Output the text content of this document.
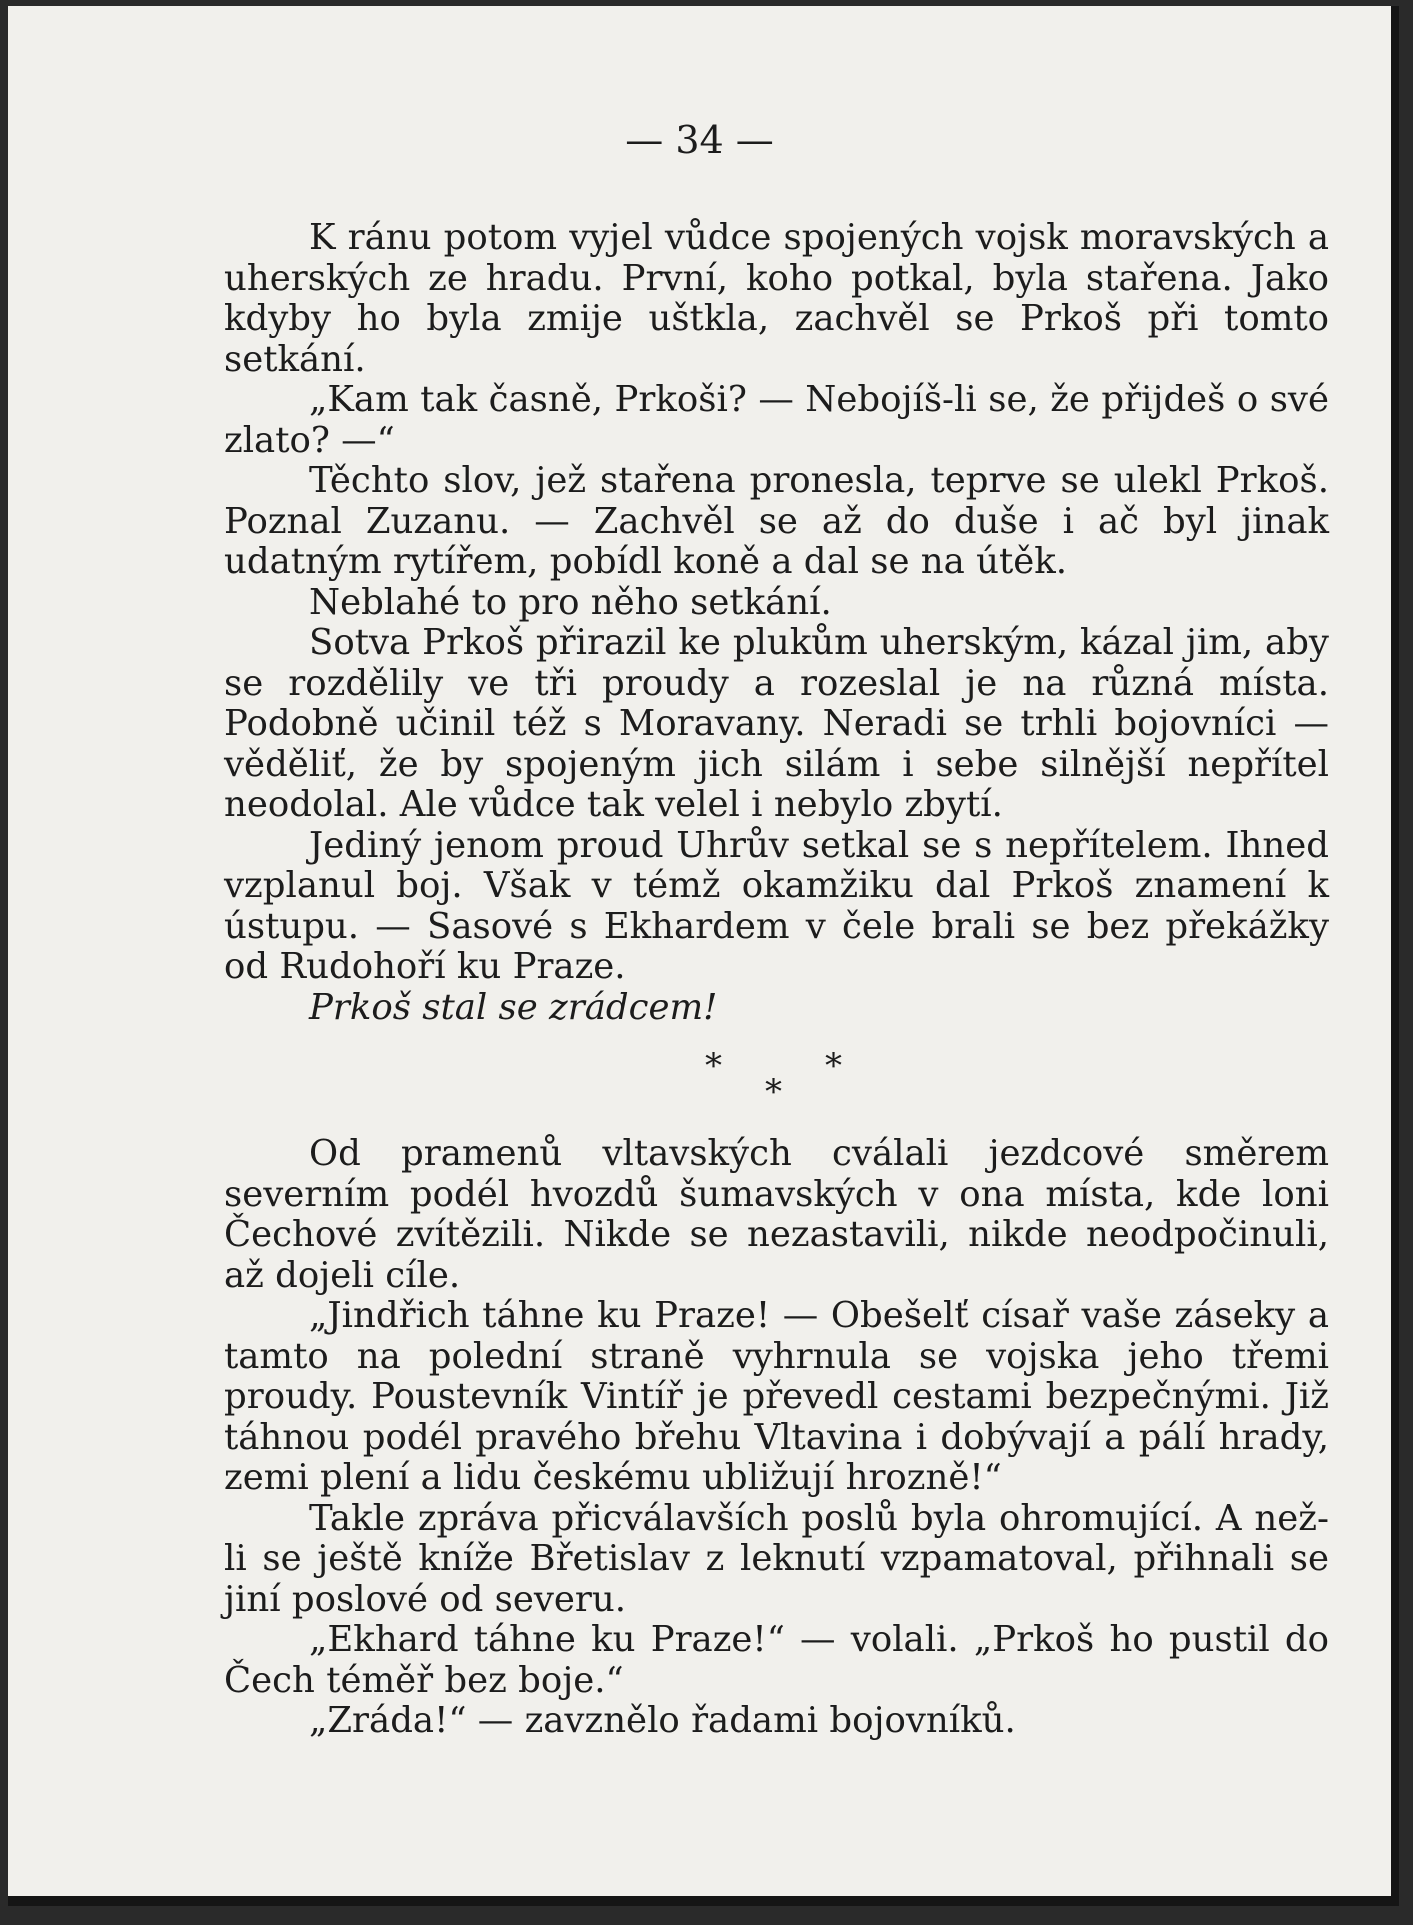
— 34 —

K ránu potom vyjel vůdce spojených vojsk moravských a uherských ze hradu. První, koho potkal, byla stařena. Jako kdyby ho byla zmije uštkla, zachvěl se Prkoš při tomto setkání.

„Kam tak časně, Prkoši? — Nebojíš-li se, že přijdeš o své zlato? —“

Těchto slov, jež stařena pronesla, teprve se ulekl Prkoš. Poznal Zuzanu. — Zachvěl se až do duše i ač byl jinak udatným rytířem, pobídl koně a dal se na útěk.

Neblahé to pro něho setkání.

Sotva Prkoš přirazil ke plukům uherským, kázal jim, aby se rozdělily ve tři proudy a rozeslal je na různá místa. Podobně učinil též s Moravany. Neradi se trhli bojovníci — věděliť, že by spojeným jich silám i sebe silnější nepřítel neodolal. Ale vůdce tak velel i nebylo zbytí.

Jediný jenom proud Uhrův setkal se s nepřítelem. Ihned vzplanul boj. Však v témž okamžiku dal Prkoš znamení k ústupu. — Sasové s Ekhardem v čele brali se bez překážky od Rudohoří ku Praze.

Prkoš stal se zrádcem!

*	*
*

Od pramenů vltavských cválali jezdcové směrem severním podél hvozdů šumavských v ona místa, kde loni Čechové zvítězili. Nikde se nezastavili, nikde neodpočinuli, až dojeli cíle.

„Jindřich táhne ku Praze! — Obešelť císař vaše záseky a tamto na polední straně vyhrnula se vojska jeho třemi proudy. Poustevník Vintíř je převedl cestami bezpečnými. Již táhnou podél pravého břehu Vltavina i dobývají a pálí hrady, zemi plení a lidu českému ubližují hrozně!“

Takle zpráva přicválavších poslů byla ohromující. A než-li se ještě kníže Břetislav z leknutí vzpamatoval, přihnali se jiní poslové od severu.

„Ekhard táhne ku Praze!“ — volali. „Prkoš ho pustil do Čech téměř bez boje.“

„Zráda!“ — zavznělo řadami bojovníků.
